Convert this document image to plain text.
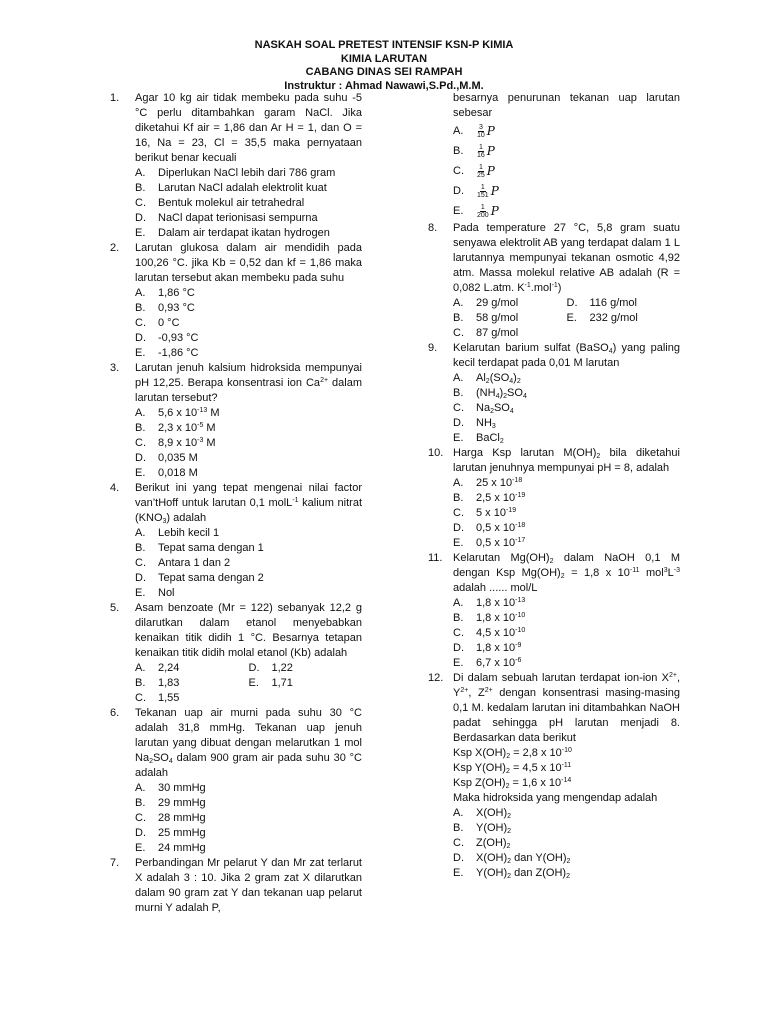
NASKAH SOAL PRETEST INTENSIF KSN-P KIMIA
KIMIA LARUTAN
CABANG DINAS SEI RAMPAH
Instruktur : Ahmad Nawawi,S.Pd.,M.M.
1.	Agar 10 kg air tidak membeku pada suhu -5 °C perlu ditambahkan garam NaCl. Jika diketahui Kf air = 1,86 dan Ar H = 1, dan O = 16, Na = 23, Cl = 35,5 maka pernyataan berikut benar kecuali

A. Diperlukan NaCl lebih dari 786 gram
B. Larutan NaCl adalah elektrolit kuat
C. Bentuk molekul air tetrahedral
D. NaCl dapat terionisasi sempurna
E. Dalam air terdapat ikatan hydrogen
2.	Larutan glukosa dalam air mendidih pada 100,26 °C. jika Kb = 0,52 dan kf = 1,86 maka larutan tersebut akan membeku pada suhu

A. 1,86 °C
B. 0,93 °C
C. 0 °C
D. -0,93 °C
E. -1,86 °C
3.	Larutan jenuh kalsium hidroksida mempunyai pH 12,25. Berapa konsentrasi ion $Ca^{2+}$ dalam larutan tersebut?

A. 5,6 x $10^{-13}$ M
B. 2,3 x $10^{-5}$ M
C. 8,9 x $10^{-3}$ M
D. 0,035 M
E. 0,018 M
4.	Berikut ini yang tepat mengenai nilai factor van’tHoff untuk larutan 0,1 molL$^{-1}$ kalium nitrat $(KNO_3)$ adalah

A. Lebih kecil 1
B. Tepat sama dengan 1
C. Antara 1 dan 2
D. Tepat sama dengan 2
E. Nol
5.	Asam benzoate (Mr = 122) sebanyak 12,2 g dilarutkan dalam etanol menyebabkan kenaikan titik didih 1 °C. Besarnya tetapan kenaikan titik didih molal etanol (Kb) adalah

A. 2,24	D. 1,22
B. 1,83	E. 1,71
C. 1,55
6.	Tekanan uap air murni pada suhu 30 °C adalah 31,8 mmHg. Tekanan uap jenuh larutan yang dibuat dengan melarutkan 1 mol $Na_2SO_4$ dalam 900 gram air pada suhu 30 °C adalah

A. 30 mmHg
B. 29 mmHg
C. 28 mmHg
D. 25 mmHg
E. 24 mmHg
7.	Perbandingan Mr pelarut Y dan Mr zat terlarut X adalah 3 : 10. Jika 2 gram zat X dilarutkan dalam 90 gram zat Y dan tekanan uap pelarut murni Y adalah P,

besarnya penurunan tekanan uap larutan sebesar

A. $\frac{3}{10}$ P
B. $\frac{1}{16}$ P
C. $\frac{1}{25}$ P
D. $\frac{1}{151}$ P
E. $\frac{1}{200}$ P
8.	Pada temperature 27 °C, 5,8 gram suatu senyawa elektrolit AB yang terdapat dalam 1 L larutannya mempunyai tekanan osmotic 4,92 atm. Massa molekul relative AB adalah (R = 0,082 L.atm. $K^{-1}.mol^{-1}$)

A. 29 g/mol	D. 116 g/mol
B. 58 g/mol	E. 232 g/mol
C. 87 g/mol
9.	Kelarutan barium sulfat (BaSO$_4$) yang paling kecil terdapat pada 0,01 M larutan

A. $Al_2(SO_4)_2$
B. $(NH_4)_2SO_4$
C. $Na_2SO_4$
D. $NH_3$
E. BaCl$_2$
10. Harga Ksp larutan $M(OH)_2$ bila diketahui larutan jenuhnya mempunyai pH = 8, adalah

A. 25 x $10^{-18}$
B. 2,5 x $10^{-19}$
C. 5 x $10^{-19}$
D. 0,5 x $10^{-18}$
E. 0,5 x $10^{-17}$
11. Kelarutan $Mg(OH)_2$ dalam NaOH 0,1 M dengan Ksp $Mg(OH)_2 = 1,8$ x $10^{-11}$ $mol^3L^{-3}$ adalah ...... mol/L

A. 1,8 x $10^{-13}$
B. 1,8 x $10^{-10}$
C. 4,5 x $10^{-10}$
D. 1,8 x $10^{-9}$
E. 6,7 x $10^{-6}$
12. Di dalam sebuah larutan terdapat ion-ion $X^{2+}$, $Y^{2+}$, $Z^{2+}$ dengan konsentrasi masing-masing 0,1 M. kedalam larutan ini ditambahkan NaOH padat sehingga pH larutan menjadi 8. Berdasarkan data berikut

Ksp $X(OH)_2 = 2,8$ x $10^{-10}$
Ksp $Y(OH)_2 = 4,5$ x $10^{-11}$
Ksp $Z(OH)_2 = 1,6$ x $10^{-14}$

Maka hidroksida yang mengendap adalah

A. $X(OH)_2$
B. $Y(OH)_2$
C. $Z(OH)_2$
D. $X(OH)_2$ dan $Y(OH)_2$
E. $Y(OH)_2$ dan $Z(OH)_2$
